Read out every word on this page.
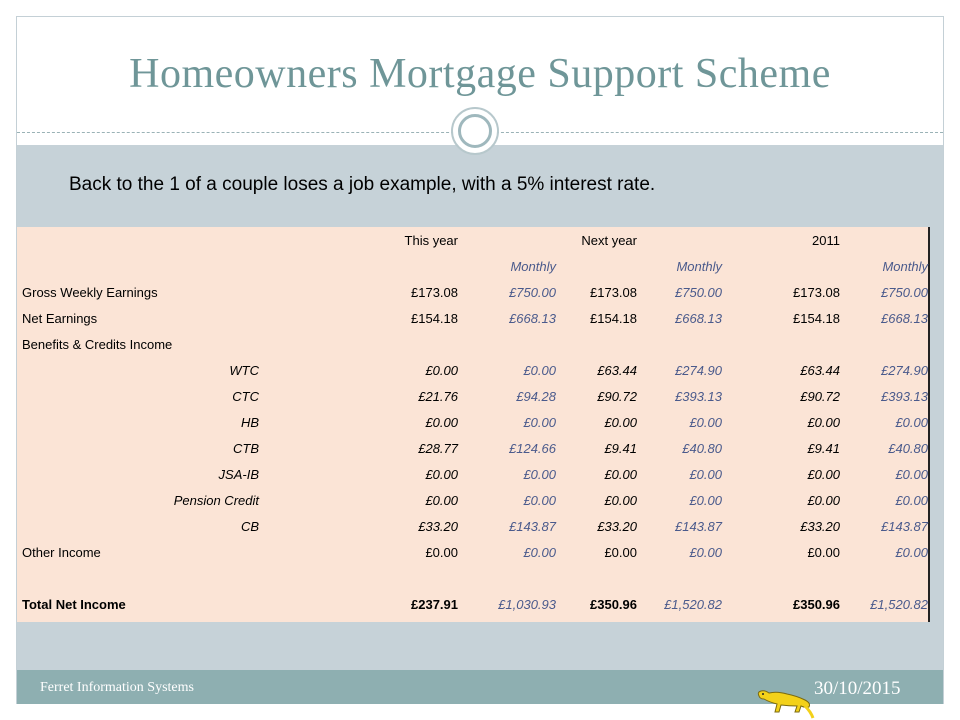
Homeowners Mortgage Support Scheme
Back to the 1 of a couple loses a job example, with a 5% interest rate.
	This year		Next year		2011	
		Monthly		Monthly		Monthly
Gross Weekly Earnings	£173.08	£750.00	£173.08	£750.00	£173.08	£750.00
Net Earnings	£154.18	£668.13	£154.18	£668.13	£154.18	£668.13
Benefits & Credits Income						
WTC	£0.00	£0.00	£63.44	£274.90	£63.44	£274.90
CTC	£21.76	£94.28	£90.72	£393.13	£90.72	£393.13
HB	£0.00	£0.00	£0.00	£0.00	£0.00	£0.00
CTB	£28.77	£124.66	£9.41	£40.80	£9.41	£40.80
JSA-IB	£0.00	£0.00	£0.00	£0.00	£0.00	£0.00
Pension Credit	£0.00	£0.00	£0.00	£0.00	£0.00	£0.00
CB	£33.20	£143.87	£33.20	£143.87	£33.20	£143.87
Other Income	£0.00	£0.00	£0.00	£0.00	£0.00	£0.00

Total Net Income	£237.91	£1,030.93	£350.96	£1,520.82	£350.96	£1,520.82
Ferret Information Systems	30/10/2015
